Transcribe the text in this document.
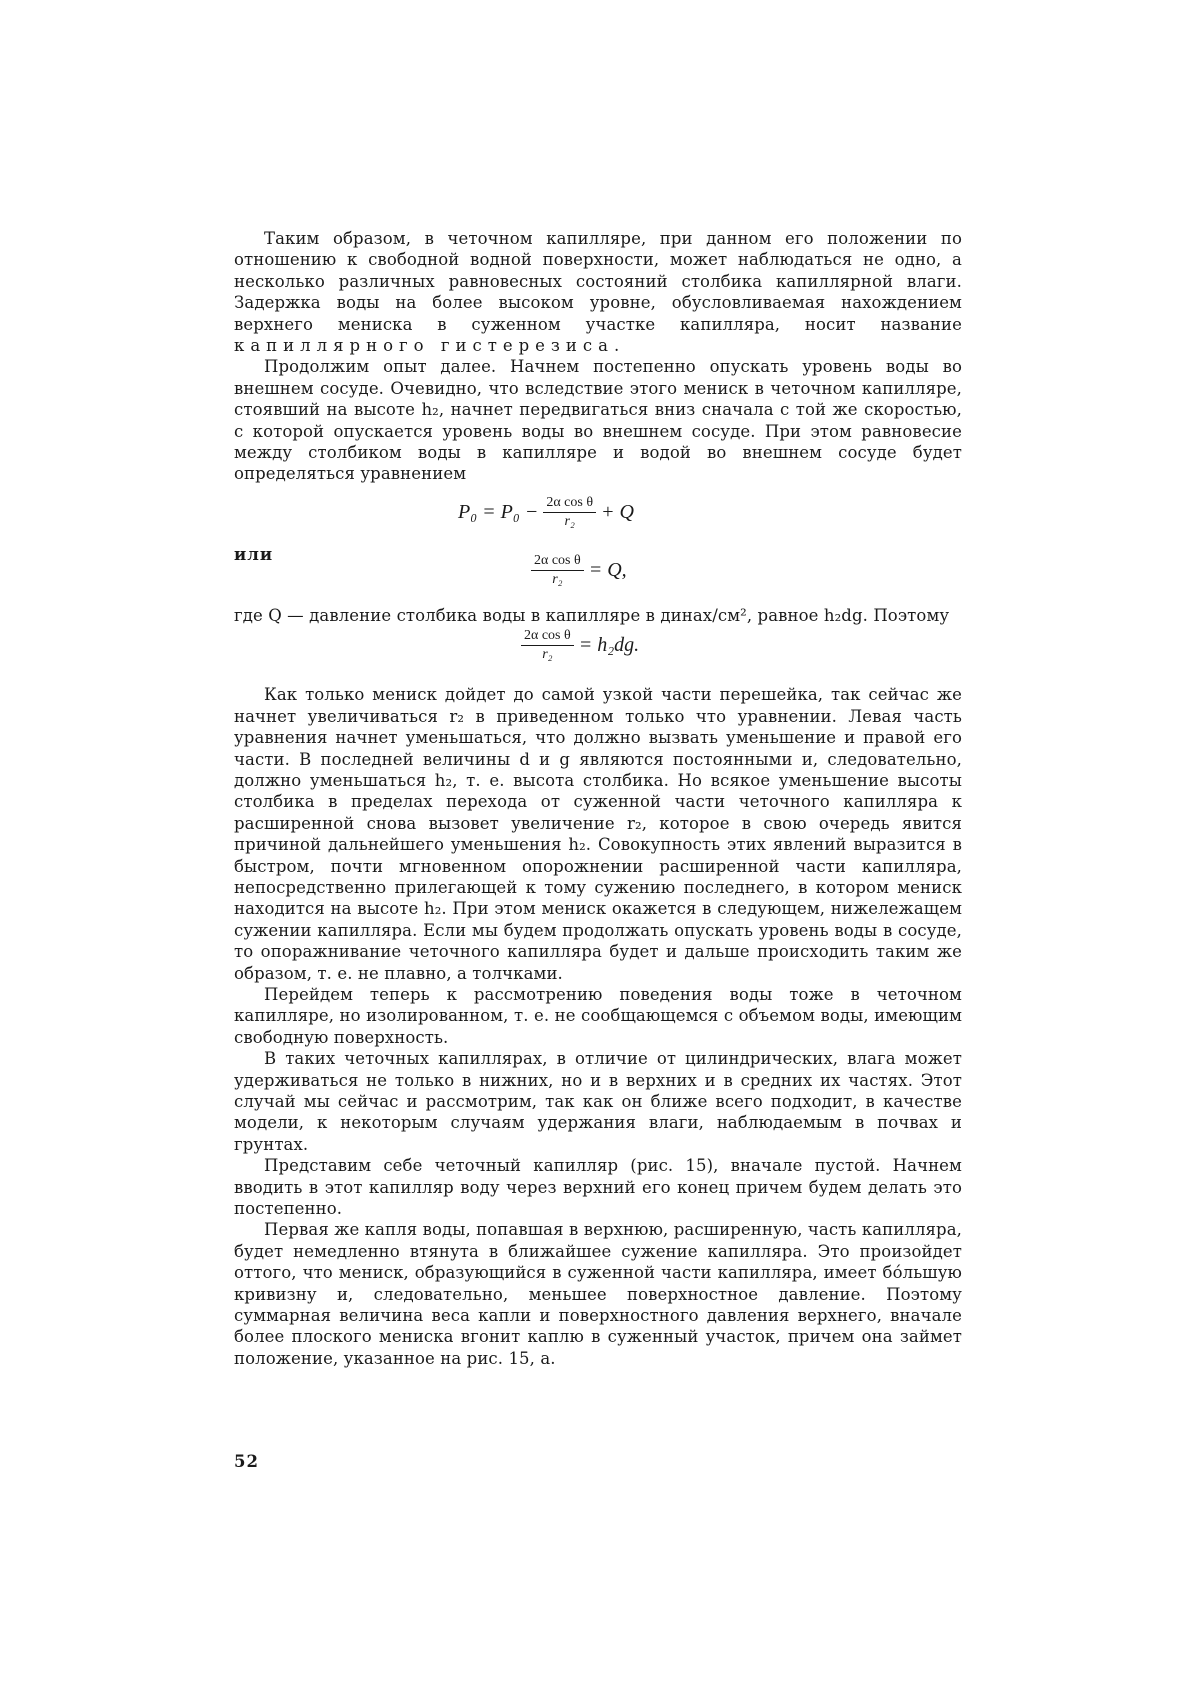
Таким образом, в четочном капилляре, при данном его положении по отношению к свободной водной поверхности, может наблюдаться не одно, а несколько различных равновесных состояний столбика капиллярной влаги. Задержка воды на более высоком уровне, обусловливаемая нахождением верхнего мениска в суженном участке капилляра, носит название капиллярного гистерезиса.

Продолжим опыт далее. Начнем постепенно опускать уровень воды во внешнем сосуде. Очевидно, что вследствие этого мениск в четочном капилляре, стоявший на высоте h₂, начнет передвигаться вниз сначала с той же скоростью, с которой опускается уровень воды во внешнем сосуде. При этом равновесие между столбиком воды в капилляре и водой во внешнем сосуде будет определяться уравнением

$P_0 = P_0 - \frac{\text{2α cos θ}}{\text{r₂}} + Q$
или	$\frac{\text{2α cos θ}}{\text{r₂}} = Q$,

где Q — давление столбика воды в капилляре в динах/см², равное h₂dg. Поэтому

$\frac{\text{2α cos θ}}{\text{r₂}} = h_2dg$.

Как только мениск дойдет до самой узкой части перешейка, так сейчас же начнет увеличиваться r₂ в приведенном только что уравнении. Левая часть уравнения начнет уменьшаться, что должно вызвать уменьшение и правой его части. В последней величины d и g являются постоянными и, следовательно, должно уменьшаться h₂, т. е. высота столбика. Но всякое уменьшение высоты столбика в пределах перехода от суженной части четочного капилляра к расширенной снова вызовет увеличение r₂, которое в свою очередь явится причиной дальнейшего уменьшения h₂. Совокупность этих явлений выразится в быстром, почти мгновенном опорожнении расширенной части капилляра, непосредственно прилегающей к тому сужению последнего, в котором мениск находится на высоте h₂. При этом мениск окажется в следующем, нижележащем сужении капилляра. Если мы будем продолжать опускать уровень воды в сосуде, то опоражнивание четочного капилляра будет и дальше происходить таким же образом, т. е. не плавно, а толчками.

Перейдем теперь к рассмотрению поведения воды тоже в четочном капилляре, но изолированном, т. е. не сообщающемся с объемом воды, имеющим свободную поверхность.

В таких четочных капиллярах, в отличие от цилиндрических, влага может удерживаться не только в нижних, но и в верхних и в средних их частях. Этот случай мы сейчас и рассмотрим, так как он ближе всего подходит, в качестве модели, к некоторым случаям удержания влаги, наблюдаемым в почвах и грунтах.

Представим себе четочный капилляр (рис. 15), вначале пустой. Начнем вводить в этот капилляр воду через верхний его конец причем будем делать это постепенно.

Первая же капля воды, попавшая в верхнюю, расширенную, часть капилляра, будет немедленно втянута в ближайшее сужение капилляра. Это произойдет оттого, что мениск, образующийся в суженной части капилляра, имеет бо́льшую кривизну и, следовательно, меньшее поверхностное давление. Поэтому суммарная величина веса капли и поверхностного давления верхнего, вначале более плоского мениска вгонит каплю в суженный участок, причем она займет положение, указанное на рис. 15, а.

52
